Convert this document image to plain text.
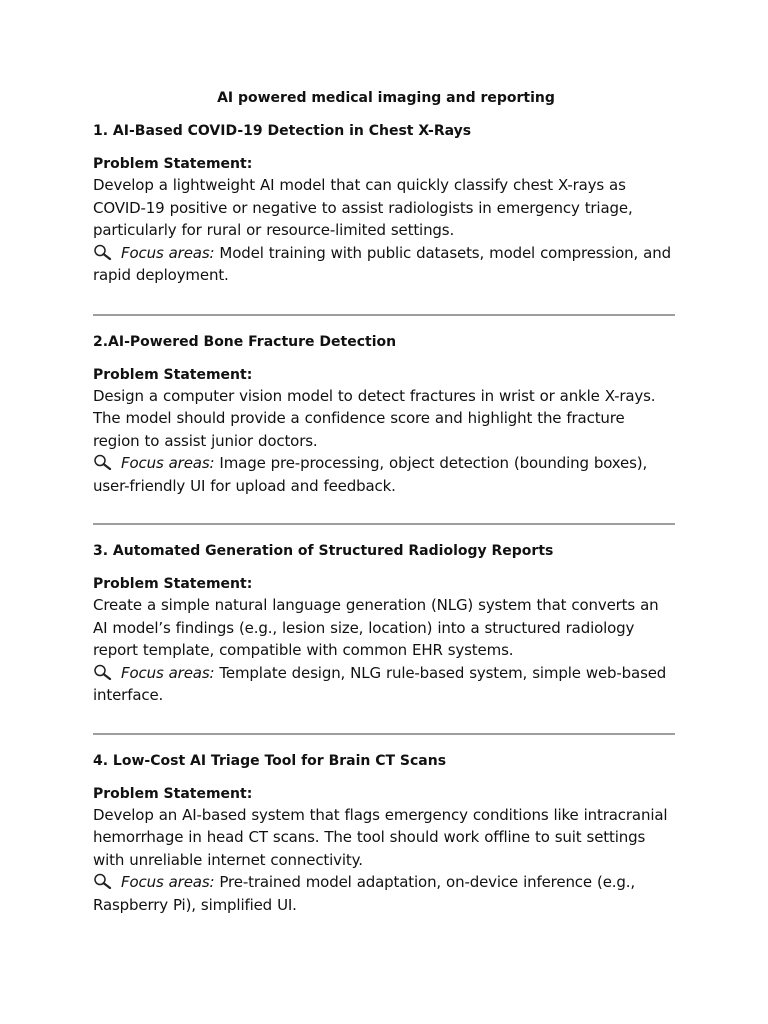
AI powered medical imaging and reporting
1. AI-Based COVID-19 Detection in Chest X-Rays
Problem Statement:

Develop a lightweight AI model that can quickly classify chest X-rays as COVID-19 positive or negative to assist radiologists in emergency triage, particularly for rural or resource-limited settings.

Focus areas: Model training with public datasets, model compression, and rapid deployment.

2.AI-Powered Bone Fracture Detection
Problem Statement:

Design a computer vision model to detect fractures in wrist or ankle X-rays. The model should provide a confidence score and highlight the fracture region to assist junior doctors.

Focus areas: Image pre-processing, object detection (bounding boxes), user-friendly UI for upload and feedback.

3. Automated Generation of Structured Radiology Reports
Problem Statement:

Create a simple natural language generation (NLG) system that converts an AI model’s findings (e.g., lesion size, location) into a structured radiology report template, compatible with common EHR systems.

Focus areas: Template design, NLG rule-based system, simple web-based interface.

4. Low-Cost AI Triage Tool for Brain CT Scans
Problem Statement:

Develop an AI-based system that flags emergency conditions like intracranial hemorrhage in head CT scans. The tool should work offline to suit settings with unreliable internet connectivity.

Focus areas: Pre-trained model adaptation, on-device inference (e.g., Raspberry Pi), simplified UI.
